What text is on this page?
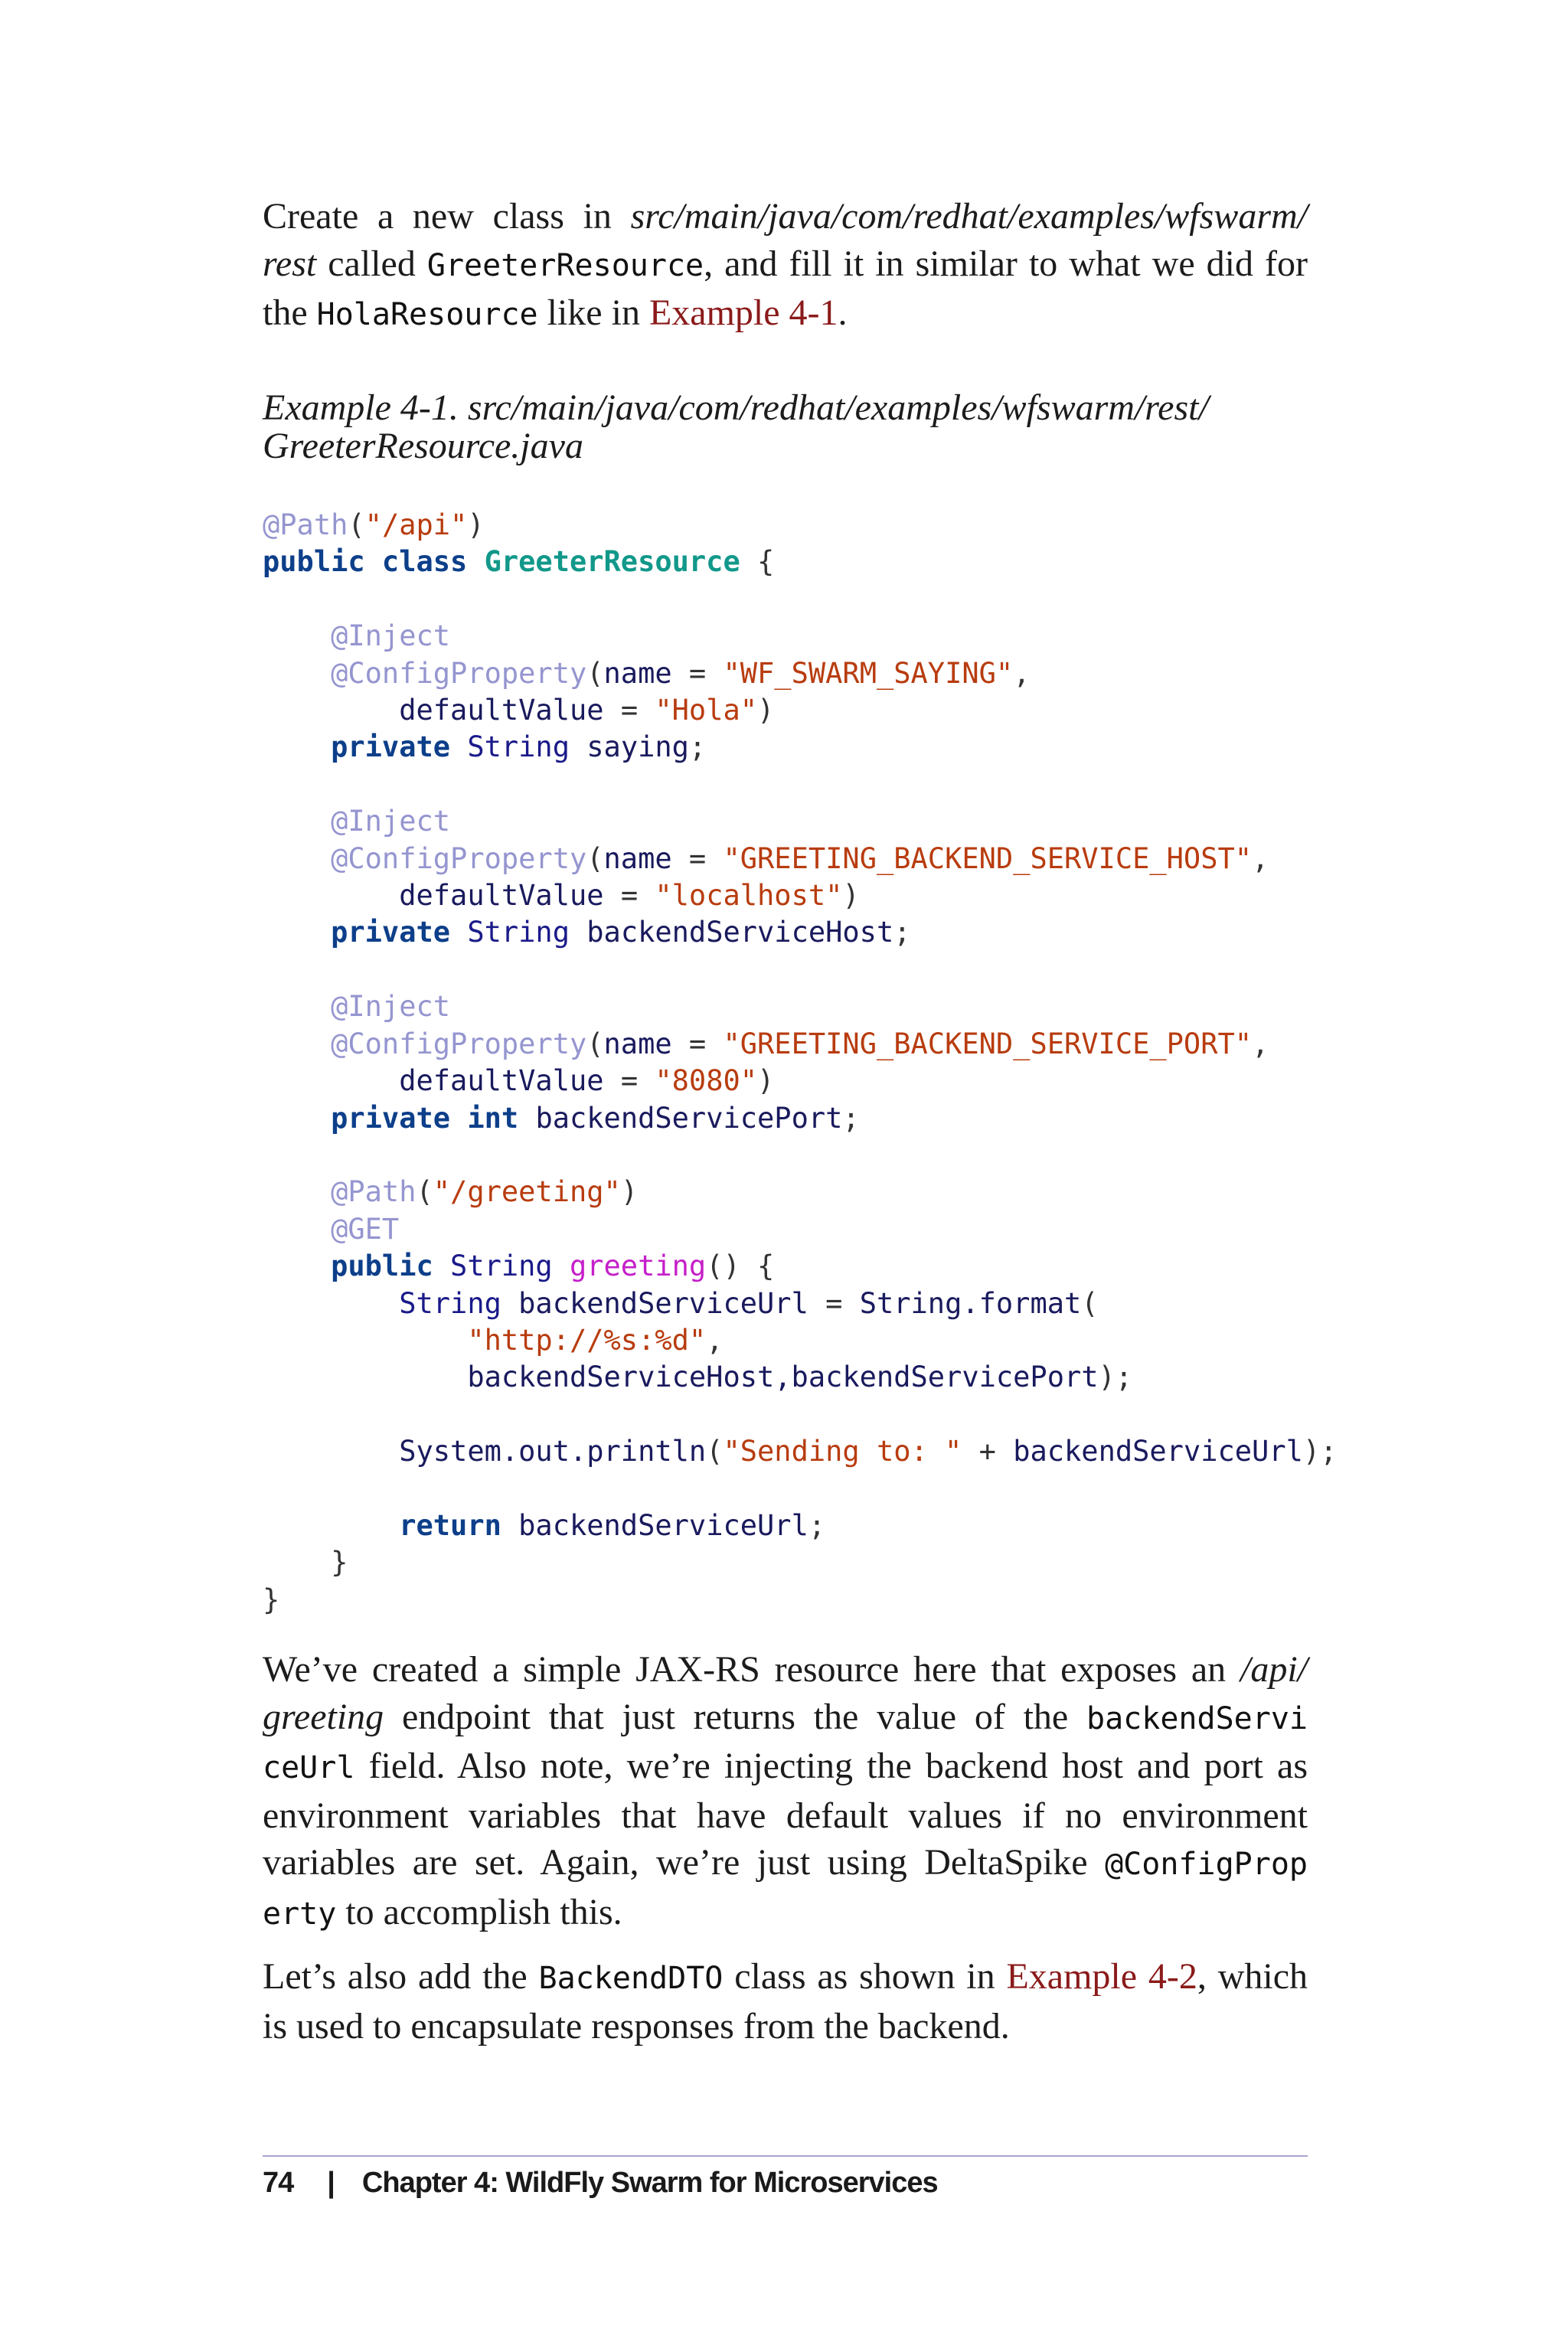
Create a new class in src/main/java/com/redhat/examples/wfswarm/ rest called GreeterResource, and fill it in similar to what we did for the HolaResource like in Example 4-1.

Example 4-1. src/main/java/com/redhat/examples/wfswarm/rest/ GreeterResource.java

@Path("/api")
public class GreeterResource {

@Inject
@ConfigProperty(name = "WF_SWARM_SAYING",
defaultValue = "Hola")
private String saying;

@Inject
@ConfigProperty(name = "GREETING_BACKEND_SERVICE_HOST",
defaultValue = "localhost")
private String backendServiceHost;

@Inject
@ConfigProperty(name = "GREETING_BACKEND_SERVICE_PORT",
defaultValue = "8080")
private int backendServicePort;

@Path("/greeting")
@GET
public String greeting() {
String backendServiceUrl = String.format(
"http://%s:%d",
backendServiceHost,backendServicePort);

System.out.println("Sending to: " + backendServiceUrl);

return backendServiceUrl;
}
}

We’ve created a simple JAX-RS resource here that exposes an /api/ greeting endpoint that just returns the value of the backendServi ceUrl field. Also note, we’re injecting the backend host and port as environment variables that have default values if no environment variables are set. Again, we’re just using DeltaSpike @ConfigProp erty to accomplish this.

Let’s also add the BackendDTO class as shown in Example 4-2, which is used to encapsulate responses from the backend.

74 | Chapter 4: WildFly Swarm for Microservices
